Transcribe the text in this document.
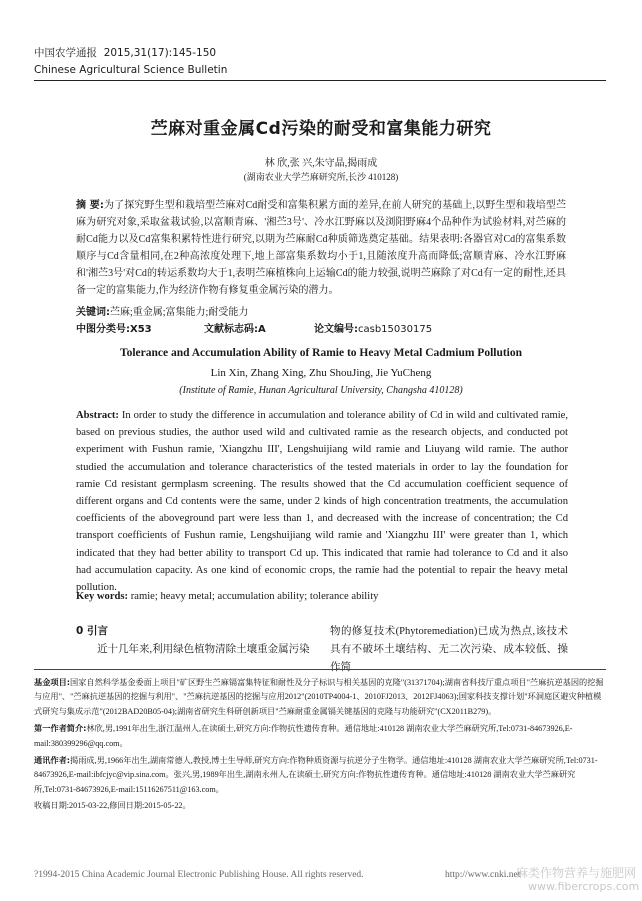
中国农学通报 2015,31(17):145-150
Chinese Agricultural Science Bulletin
苎麻对重金属Cd污染的耐受和富集能力研究
林 欣,张 兴,朱守晶,揭雨成
(湖南农业大学苎麻研究所,长沙 410128)
摘 要:为了探究野生型和栽培型苎麻对Cd耐受和富集积累方面的差异,在前人研究的基础上,以野生型和栽培型苎麻为研究对象,采取盆栽试验,以富顺青麻、'湘苎3号'、冷水江野麻以及浏阳野麻4个品种作为试验材料,对苎麻的耐Cd能力以及Cd富集积累特性进行研究,以期为苎麻耐Cd种质筛选奠定基础。结果表明:各器官对Cd的富集系数顺序与Cd含量相同,在2种高浓度处理下,地上部富集系数均小于1,且随浓度升高而降低;富顺青麻、冷水江野麻和'湘苎3号'对Cd的转运系数均大于1,表明苎麻植株向上运输Cd的能力较强,说明苎麻除了对Cd有一定的耐性,还具备一定的富集能力,作为经济作物有修复重金属污染的潜力。
关键词:苎麻;重金属;富集能力;耐受能力
中图分类号:X53	文献标志码:A	论文编号:casb15030175
Tolerance and Accumulation Ability of Ramie to Heavy Metal Cadmium Pollution
Lin Xin, Zhang Xing, Zhu ShouJing, Jie YuCheng
(Institute of Ramie, Hunan Agricultural University, Changsha 410128)
Abstract: In order to study the difference in accumulation and tolerance ability of Cd in wild and cultivated ramie, based on previous studies, the author used wild and cultivated ramie as the research objects, and conducted pot experiment with Fushun ramie, 'Xiangzhu III', Lengshuijiang wild ramie and Liuyang wild ramie. The author studied the accumulation and tolerance characteristics of the tested materials in order to lay the foundation for ramie Cd resistant germplasm screening. The results showed that the Cd accumulation coefficient sequence of different organs and Cd contents were the same, under 2 kinds of high concentration treatments, the accumulation coefficients of the aboveground part were less than 1, and decreased with the increase of concentration; the Cd transport coefficients of Fushun ramie, Lengshuijiang wild ramie and 'Xiangzhu III' were greater than 1, which indicated that they had better ability to transport Cd up. This indicated that ramie had tolerance to Cd and it also had accumulation capacity. As one kind of economic crops, the ramie had the potential to repair the heavy metal pollution.
Key words: ramie; heavy metal; accumulation ability; tolerance ability
0 引言
近十几年来,利用绿色植物清除土壤重金属污染
物的修复技术(Phytoremediation)已成为热点,该技术具有不破坏土壤结构、无二次污染、成本较低、操作简

基金项目:国家自然科学基金委面上项目"矿区野生苎麻镉富集特征和耐性及分子标识与相关基因的克隆"(31371704);湖南省科技厅重点项目"苎麻抗逆基因的挖掘与应用"、"苎麻抗逆基因的挖掘与利用"、"苎麻抗逆基因的挖掘与应用2012"(2010TP4004-1、2010FJ2013、2012FJ4063);国家科技支撑计划"环洞庭区避灾种植模式研究与集成示范"(2012BAD20B05-04);湖南省研究生科研创新项目"苎麻耐重金属镉关键基因的克隆与功能研究"(CX2011B279)。

第一作者简介:林欣,男,1991年出生,浙江温州人,在读硕士,研究方向:作物抗性遗传育种。通信地址:410128 湖南农业大学苎麻研究所,Tel:0731-84673926,E-mail:380399296@qq.com。

通讯作者:揭雨成,男,1966年出生,湖南常德人,教授,博士生导师,研究方向:作物种质资源与抗逆分子生物学。通信地址:410128 湖南农业大学苎麻研究所,Tel:0731-84673926,E-mail:ibfcjyc@vip.sina.com。张兴,男,1989年出生,湖南永州人,在读硕士,研究方向:作物抗性遗传育种。通信地址:410128 湖南农业大学苎麻研究所,Tel:0731-84673926,E-mail:15116267511@163.com。

收稿日期:2015-03-22,修回日期:2015-05-22。

?1994-2015 China Academic Journal Electronic Publishing House. All rights reserved.	http://www.cnki.net
麻类作物营养与施肥网
www.fibercrops.com
